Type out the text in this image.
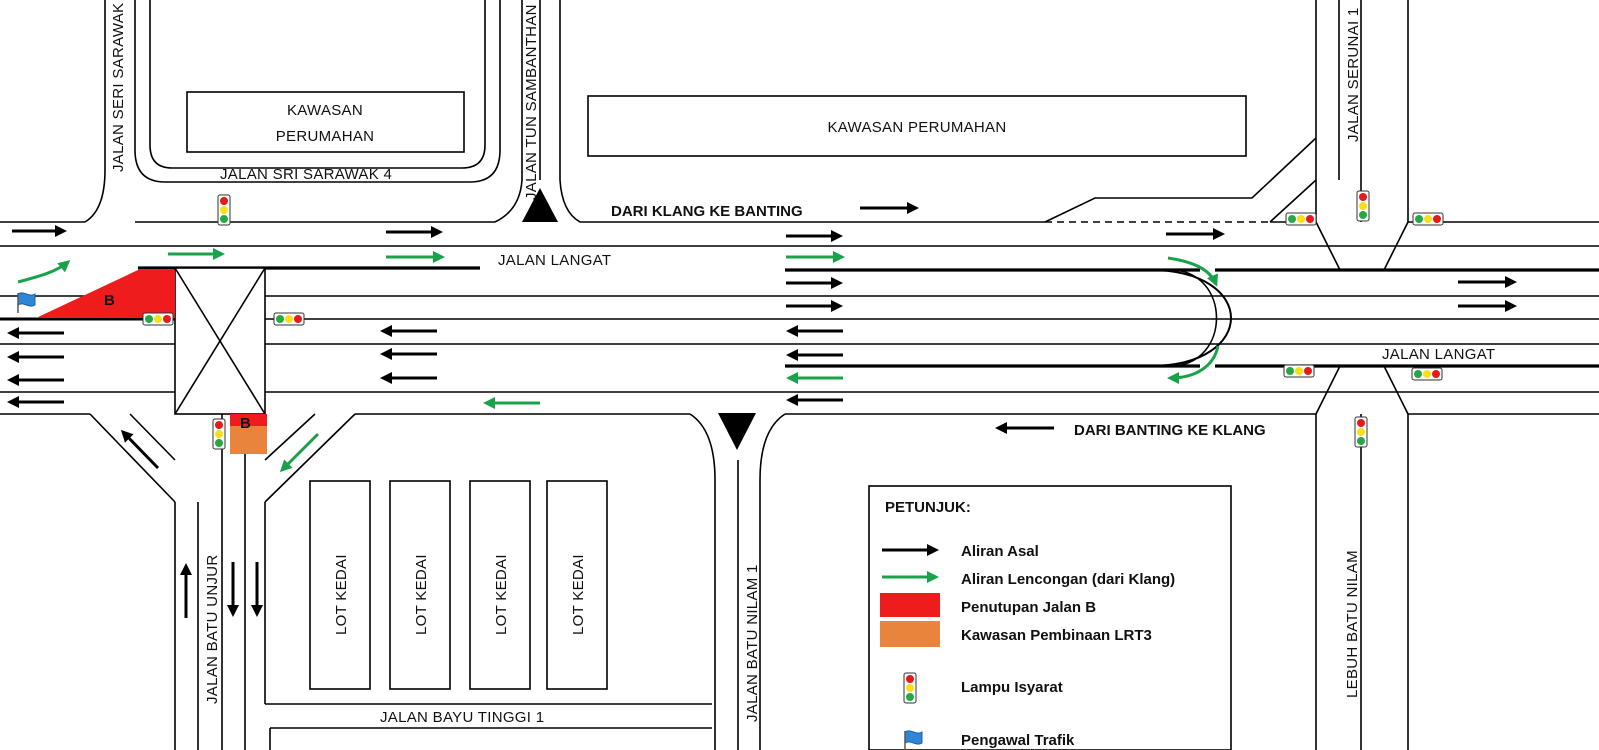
JALAN SERI SARAWAK
JALAN SRI SARAWAK 4
KAWASAN
PERUMAHAN	JALAN TUN SAMBANTHAN	KAWASAN PERUMAHAN
DARI KLANG KE BANTING
JALAN LANGAT
JALAN LANGAT
DARI BANTING KE KLANG
JALAN SERUNAI 1
JALAN BATU UNJUR	JALAN BATU NILAM 1	LEBUH BATU NILAM
JALAN BAYU TINGGI 1
LOT KEDAI	LOT KEDAI	LOT KEDAI	LOT KEDAI
B
B
PETUNJUK:
Aliran Asal
Aliran Lencongan (dari Klang)
Penutupan Jalan B
Kawasan Pembinaan LRT3
Lampu Isyarat
Pengawal Trafik
